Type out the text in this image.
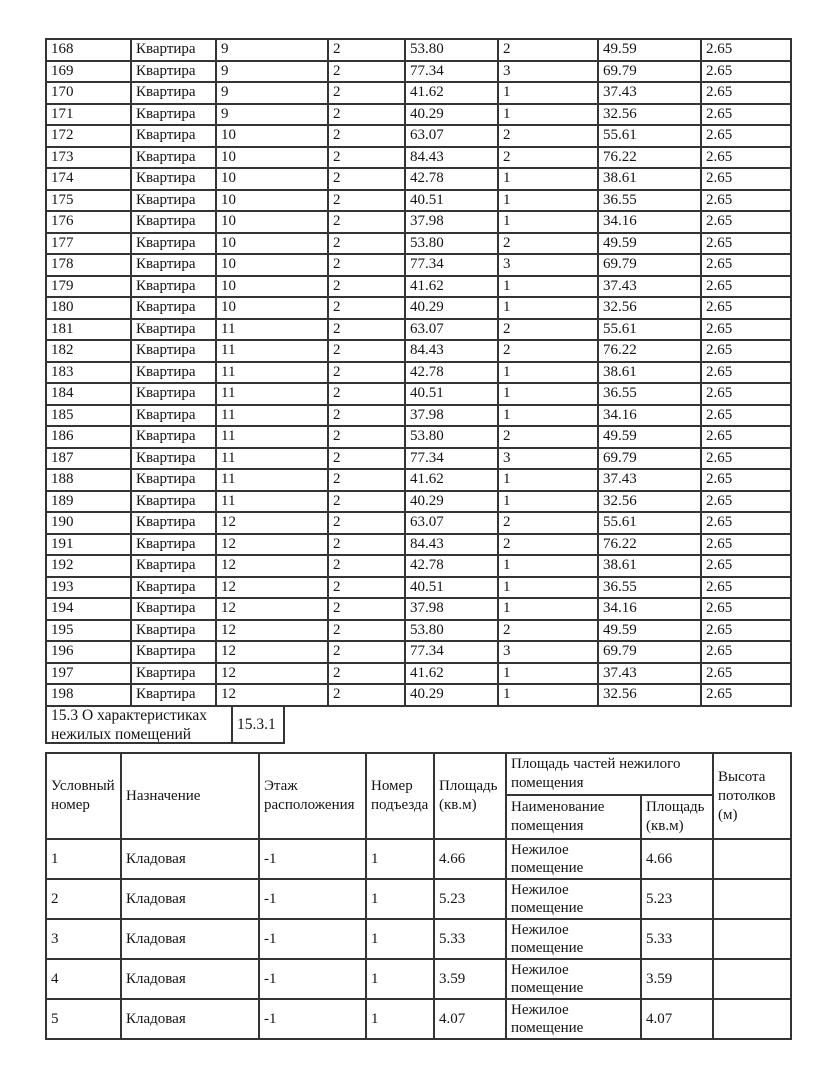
168	Квартира	9	2	53.80	2	49.59	2.65
169	Квартира	9	2	77.34	3	69.79	2.65
170	Квартира	9	2	41.62	1	37.43	2.65
171	Квартира	9	2	40.29	1	32.56	2.65
172	Квартира	10	2	63.07	2	55.61	2.65
173	Квартира	10	2	84.43	2	76.22	2.65
174	Квартира	10	2	42.78	1	38.61	2.65
175	Квартира	10	2	40.51	1	36.55	2.65
176	Квартира	10	2	37.98	1	34.16	2.65
177	Квартира	10	2	53.80	2	49.59	2.65
178	Квартира	10	2	77.34	3	69.79	2.65
179	Квартира	10	2	41.62	1	37.43	2.65
180	Квартира	10	2	40.29	1	32.56	2.65
181	Квартира	11	2	63.07	2	55.61	2.65
182	Квартира	11	2	84.43	2	76.22	2.65
183	Квартира	11	2	42.78	1	38.61	2.65
184	Квартира	11	2	40.51	1	36.55	2.65
185	Квартира	11	2	37.98	1	34.16	2.65
186	Квартира	11	2	53.80	2	49.59	2.65
187	Квартира	11	2	77.34	3	69.79	2.65
188	Квартира	11	2	41.62	1	37.43	2.65
189	Квартира	11	2	40.29	1	32.56	2.65
190	Квартира	12	2	63.07	2	55.61	2.65
191	Квартира	12	2	84.43	2	76.22	2.65
192	Квартира	12	2	42.78	1	38.61	2.65
193	Квартира	12	2	40.51	1	36.55	2.65
194	Квартира	12	2	37.98	1	34.16	2.65
195	Квартира	12	2	53.80	2	49.59	2.65
196	Квартира	12	2	77.34	3	69.79	2.65
197	Квартира	12	2	41.62	1	37.43	2.65
198	Квартира	12	2	40.29	1	32.56	2.65
15.3 О характеристиках нежилых помещений
15.3.1
Условный номер	Назначение	Этаж расположения	Номер подъезда	Площадь (кв.м)	Площадь частей нежилого помещения		Высота потолков (м)
					Наименование помещения	Площадь (кв.м)	
1	Кладовая	-1	1	4.66	Нежилое помещение	4.66	
2	Кладовая	-1	1	5.23	Нежилое помещение	5.23	
3	Кладовая	-1	1	5.33	Нежилое помещение	5.33	
4	Кладовая	-1	1	3.59	Нежилое помещение	3.59	
5	Кладовая	-1	1	4.07	Нежилое помещение	4.07	
